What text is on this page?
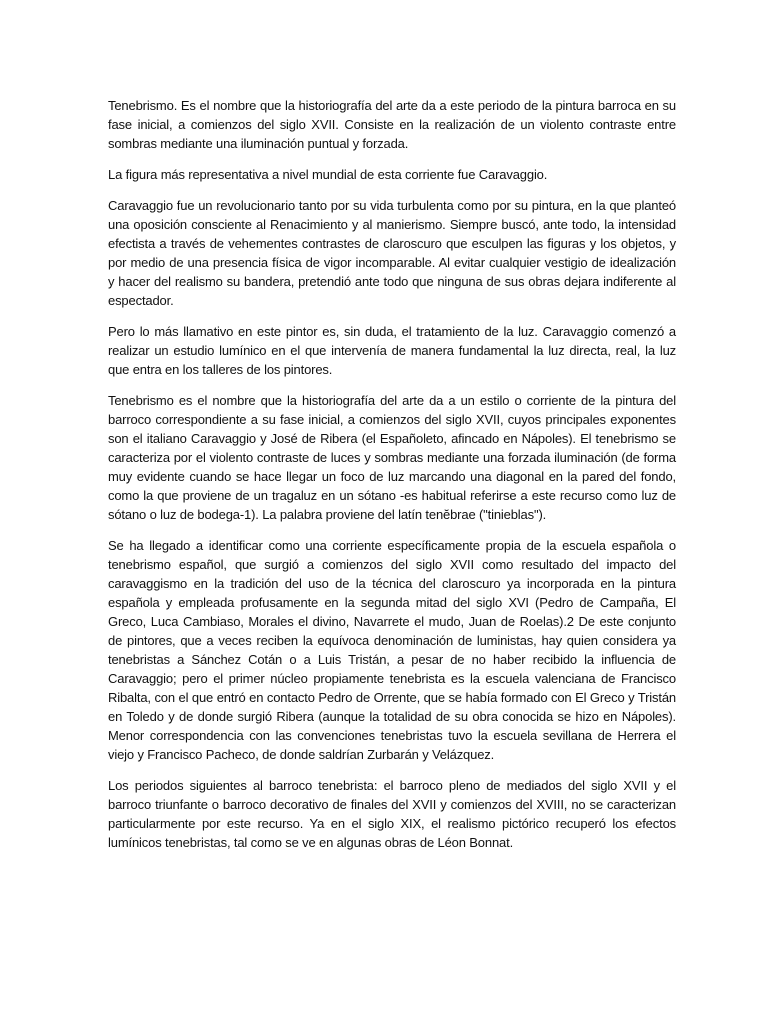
Tenebrismo. Es el nombre que la historiografía del arte da a este periodo de la pintura barroca en su fase inicial, a comienzos del siglo XVII. Consiste en la realización de un violento contraste entre sombras mediante una iluminación puntual y forzada.

La figura más representativa a nivel mundial de esta corriente fue Caravaggio.

Caravaggio fue un revolucionario tanto por su vida turbulenta como por su pintura, en la que planteó una oposición consciente al Renacimiento y al manierismo. Siempre buscó, ante todo, la intensidad efectista a través de vehementes contrastes de claroscuro que esculpen las figuras y los objetos, y por medio de una presencia física de vigor incomparable. Al evitar cualquier vestigio de idealización y hacer del realismo su bandera, pretendió ante todo que ninguna de sus obras dejara indiferente al espectador.

Pero lo más llamativo en este pintor es, sin duda, el tratamiento de la luz. Caravaggio comenzó a realizar un estudio lumínico en el que intervenía de manera fundamental la luz directa, real, la luz que entra en los talleres de los pintores.

Tenebrismo es el nombre que la historiografía del arte da a un estilo o corriente de la pintura del barroco correspondiente a su fase inicial, a comienzos del siglo XVII, cuyos principales exponentes son el italiano Caravaggio y José de Ribera (el Españoleto, afincado en Nápoles). El tenebrismo se caracteriza por el violento contraste de luces y sombras mediante una forzada iluminación (de forma muy evidente cuando se hace llegar un foco de luz marcando una diagonal en la pared del fondo, como la que proviene de un tragaluz en un sótano -es habitual referirse a este recurso como luz de sótano o luz de bodega-1). La palabra proviene del latín tenĕbrae ("tinieblas").

Se ha llegado a identificar como una corriente específicamente propia de la escuela española o tenebrismo español, que surgió a comienzos del siglo XVII como resultado del impacto del caravaggismo en la tradición del uso de la técnica del claroscuro ya incorporada en la pintura española y empleada profusamente en la segunda mitad del siglo XVI (Pedro de Campaña, El Greco, Luca Cambiaso, Morales el divino, Navarrete el mudo, Juan de Roelas).2 De este conjunto de pintores, que a veces reciben la equívoca denominación de luministas, hay quien considera ya tenebristas a Sánchez Cotán o a Luis Tristán, a pesar de no haber recibido la influencia de Caravaggio; pero el primer núcleo propiamente tenebrista es la escuela valenciana de Francisco Ribalta, con el que entró en contacto Pedro de Orrente, que se había formado con El Greco y Tristán en Toledo y de donde surgió Ribera (aunque la totalidad de su obra conocida se hizo en Nápoles). Menor correspondencia con las convenciones tenebristas tuvo la escuela sevillana de Herrera el viejo y Francisco Pacheco, de donde saldrían Zurbarán y Velázquez.

Los periodos siguientes al barroco tenebrista: el barroco pleno de mediados del siglo XVII y el barroco triunfante o barroco decorativo de finales del XVII y comienzos del XVIII, no se caracterizan particularmente por este recurso. Ya en el siglo XIX, el realismo pictórico recuperó los efectos lumínicos tenebristas, tal como se ve en algunas obras de Léon Bonnat.
